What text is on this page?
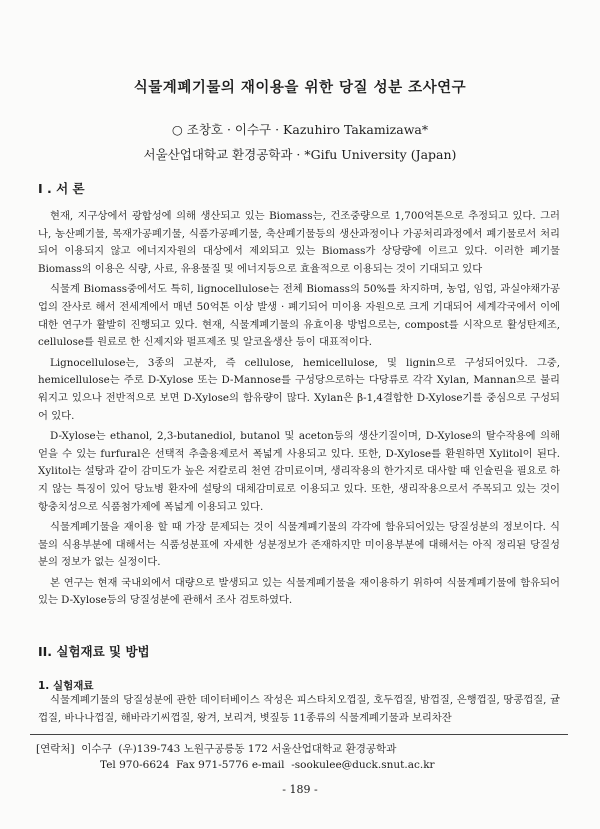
식물계폐기물의 재이용을 위한 당질 성분 조사연구
○ 조창호 · 이수구 · Kazuhiro Takamizawa*
서울산업대학교 환경공학과 · *Gifu University (Japan)
I . 서 론

현재, 지구상에서 광합성에 의해 생산되고 있는 Biomass는, 건조중량으로 1,700억톤으로 추정되고 있다. 그러나, 농산폐기물, 목재가공폐기물, 식품가공폐기물, 축산폐기물등의 생산과정이나 가공처리과정에서 폐기물로서 처리되어 이용되지 않고 에너지자원의 대상에서 제외되고 있는 Biomass가 상당량에 이르고 있다. 이러한 폐기물 Biomass의 이용은 식량, 사료, 유용물질 및 에너지등으로 효율적으로 이용되는 것이 기대되고 있다

식물계 Biomass중에서도 특히, lignocellulose는 전체 Biomass의 50%를 차지하며, 농업, 임업, 과실야채가공업의 잔사로 해서 전세계에서 매년 50억톤 이상 발생 · 폐기되어 미이용 자원으로 크게 기대되어 세계각국에서 이에 대한 연구가 활발히 진행되고 있다. 현재, 식물계폐기물의 유효이용 방법으로는, compost를 시작으로 활성탄제조, cellulose를 원료로 한 신제지와 펄프제조 및 알코올생산 등이 대표적이다.

Lignocellulose는, 3종의 고분자, 즉 cellulose, hemicellulose, 및 lignin으로 구성되어있다. 그중, hemicellulose는 주로 D-Xylose 또는 D-Mannose를 구성당으로하는 다당류로 각각 Xylan, Mannan으로 불리워지고 있으나 전반적으로 보면 D-Xylose의 함유량이 많다. Xylan은 β-1,4결합한 D-Xylose기를 중심으로 구성되어 있다.

D-Xylose는 ethanol, 2,3-butanediol, butanol 및 aceton등의 생산기질이며, D-Xylose의 탈수작용에 의해 얻을 수 있는 furfural은 선택적 추출용제로서 폭넓게 사용되고 있다. 또한, D-Xylose를 환원하면 Xylitol이 된다. Xylitol는 설탕과 같이 감미도가 높은 저칼로리 천연 감미료이며, 생리작용의 한가지로 대사할 때 인슐린을 필요로 하지 않는 특징이 있어 당뇨병 환자에 설탕의 대체감미료로 이용되고 있다. 또한, 생리작용으로서 주목되고 있는 것이 항충치성으로 식품첨가제에 폭넓게 이용되고 있다.

식물계폐기물을 재이용 할 때 가장 문제되는 것이 식물계폐기물의 각각에 함유되어있는 당질성분의 정보이다. 식물의 식용부분에 대해서는 식품성분표에 자세한 성분정보가 존재하지만 미이용부분에 대해서는 아직 정리된 당질성분의 정보가 없는 실정이다.

본 연구는 현재 국내외에서 대량으로 발생되고 있는 식물계폐기물을 재이용하기 위하여 식물계폐기물에 함유되어 있는 D-Xylose등의 당질성분에 관해서 조사 검토하였다.

II. 실험재료 및 방법
1. 실험재료

식물계폐기물의 당질성분에 관한 데이터베이스 작성은 피스타치오껍질, 호두껍질, 밤껍질, 은행껍질, 땅콩껍질, 귤껍질, 바나나껍질, 해바라기씨껍질, 왕겨, 보리겨, 볏짚등 11종류의 식물계폐기물과 보리차잔

[연락처]  이수구  (우)139-743 노원구공릉동 172 서울산업대학교 환경공학과
Tel 970-6624  Fax 971-5776 e-mail  -sookulee@duck.snut.ac.kr
- 189 -
